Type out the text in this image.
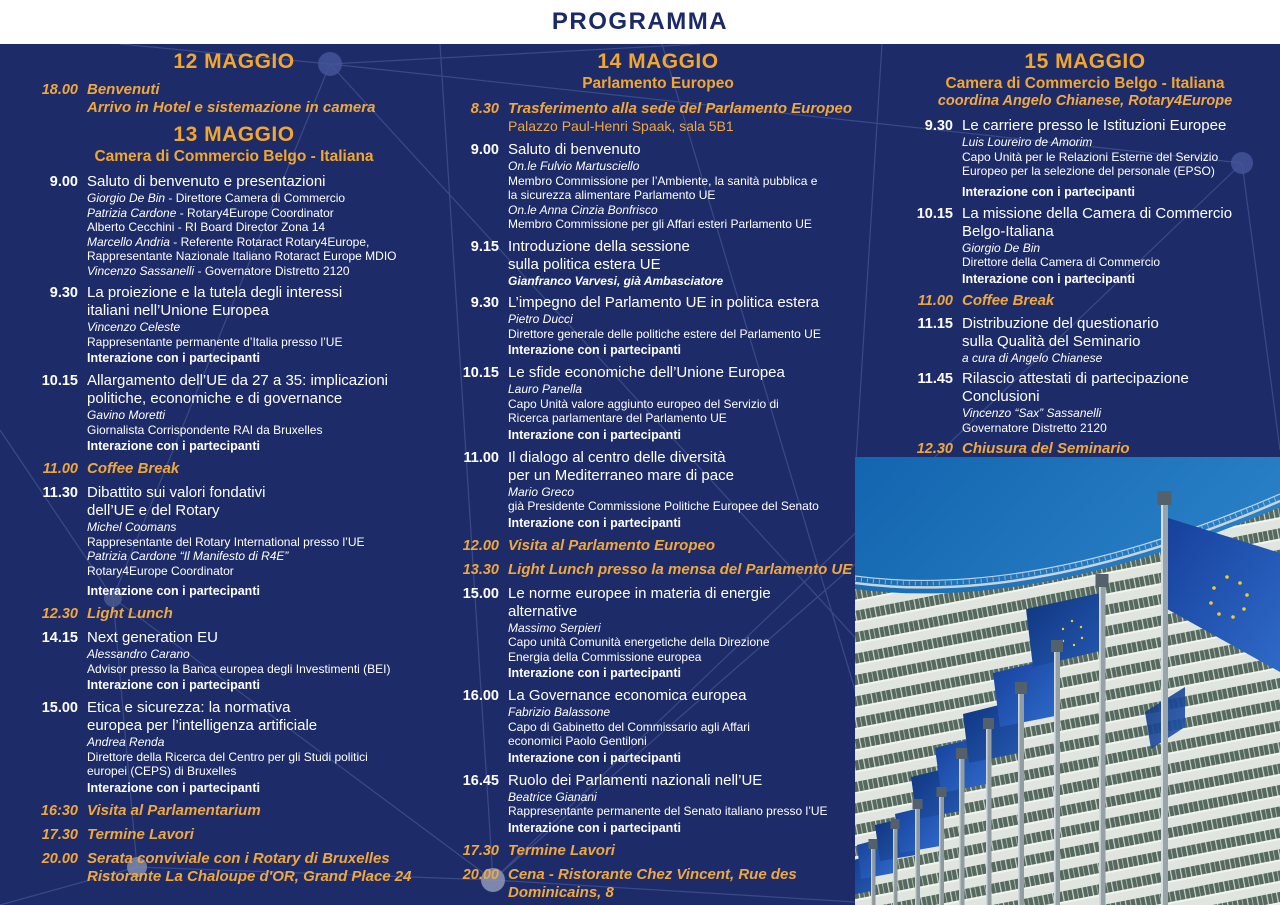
PROGRAMMA
12 MAGGIO
18.00 Benvenuti
Arrivo in Hotel e sistemazione in camera
13 MAGGIO
Camera di Commercio Belgo - Italiana
9.00 Saluto di benvenuto e presentazioni
Giorgio De Bin - Direttore Camera di Commercio
Patrizia Cardone - Rotary4Europe Coordinator
Alberto Cecchini - RI Board Director Zona 14
Marcello Andria - Referente Rotaract Rotary4Europe,
Rappresentante Nazionale Italiano Rotaract Europe MDIO
Vincenzo Sassanelli - Governatore Distretto 2120
9.30 La proiezione e la tutela degli interessi
italiani nell’Unione Europea
Vincenzo Celeste
Rappresentante permanente d’Italia presso l’UE
Interazione con i partecipanti
10.15 Allargamento dell’UE da 27 a 35: implicazioni
politiche, economiche e di governance
Gavino Moretti
Giornalista Corrispondente RAI da Bruxelles
Interazione con i partecipanti
11.00 Coffee Break
11.30 Dibattito sui valori fondativi
dell’UE e del Rotary
Michel Coomans
Rappresentante del Rotary International presso l’UE
Patrizia Cardone “Il Manifesto di R4E”
Rotary4Europe Coordinator
Interazione con i partecipanti
12.30 Light Lunch
14.15 Next generation EU
Alessandro Carano
Advisor presso la Banca europea degli Investimenti (BEI)
Interazione con i partecipanti
15.00 Etica e sicurezza: la normativa
europea per l’intelligenza artificiale
Andrea Renda
Direttore della Ricerca del Centro per gli Studi politici
europei (CEPS) di Bruxelles
Interazione con i partecipanti
16:30 Visita al Parlamentarium
17.30 Termine Lavori
20.00 Serata conviviale con i Rotary di Bruxelles
Ristorante La Chaloupe d'OR, Grand Place 24
14 MAGGIO
Parlamento Europeo
8.30 Trasferimento alla sede del Parlamento Europeo
Palazzo Paul-Henri Spaak, sala 5B1
9.00 Saluto di benvenuto
On.le Fulvio Martusciello
Membro Commissione per l’Ambiente, la sanità pubblica e
la sicurezza alimentare Parlamento UE
On.le Anna Cinzia Bonfrisco
Membro Commissione per gli Affari esteri Parlamento UE
9.15 Introduzione della sessione
sulla politica estera UE
Gianfranco Varvesi, già Ambasciatore
9.30 L’impegno del Parlamento UE in politica estera
Pietro Ducci
Direttore generale delle politiche estere del Parlamento UE
Interazione con i partecipanti
10.15 Le sfide economiche dell’Unione Europea
Lauro Panella
Capo Unità valore aggiunto europeo del Servizio di
Ricerca parlamentare del Parlamento UE
Interazione con i partecipanti
11.00 Il dialogo al centro delle diversità
per un Mediterraneo mare di pace
Mario Greco
già Presidente Commissione Politiche Europee del Senato
Interazione con i partecipanti
12.00 Visita al Parlamento Europeo
13.30 Light Lunch presso la mensa del Parlamento UE
15.00 Le norme europee in materia di energie
alternative
Massimo Serpieri
Capo unità Comunità energetiche della Direzione
Energia della Commissione europea
Interazione con i partecipanti
16.00 La Governance economica europea
Fabrizio Balassone
Capo di Gabinetto del Commissario agli Affari
economici Paolo Gentiloni
Interazione con i partecipanti
16.45 Ruolo dei Parlamenti nazionali nell’UE
Beatrice Gianani
Rappresentante permanente del Senato italiano presso l’UE
Interazione con i partecipanti
17.30 Termine Lavori
20.00 Cena - Ristorante Chez Vincent, Rue des
Dominicains, 8
15 MAGGIO
Camera di Commercio Belgo - Italiana
coordina Angelo Chianese, Rotary4Europe
9.30 Le carriere presso le Istituzioni Europee
Luis Loureiro de Amorim
Capo Unità per le Relazioni Esterne del Servizio
Europeo per la selezione del personale (EPSO)
Interazione con i partecipanti
10.15 La missione della Camera di Commercio
Belgo-Italiana
Giorgio De Bin
Direttore della Camera di Commercio
Interazione con i partecipanti
11.00 Coffee Break
11.15 Distribuzione del questionario
sulla Qualità del Seminario
a cura di Angelo Chianese
11.45 Rilascio attestati di partecipazione
Conclusioni
Vincenzo “Sax” Sassanelli
Governatore Distretto 2120
12.30 Chiusura del Seminario
